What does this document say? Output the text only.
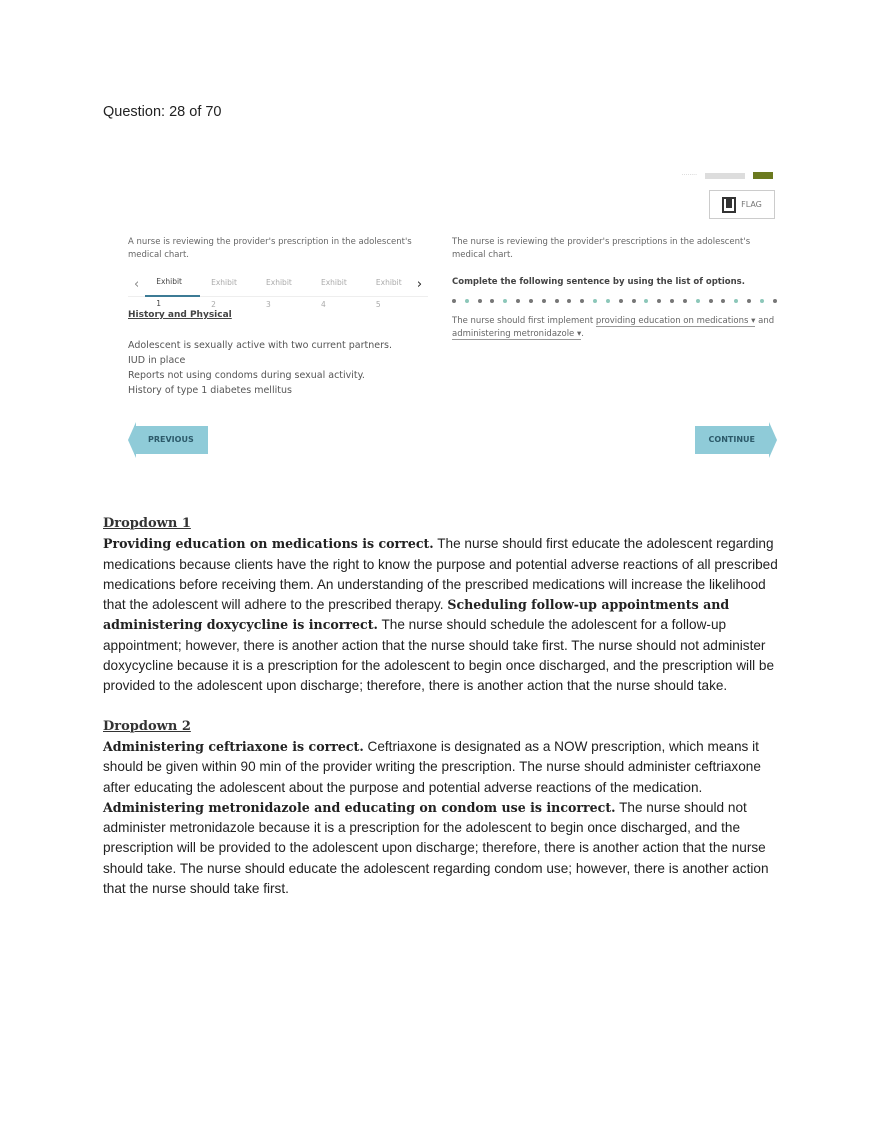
Question: 28 of 70
········
FLAG
A nurse is reviewing the provider's prescription in the adolescent's medical chart.
‹	Exhibit 1
Exhibit 2
Exhibit 3
Exhibit 4
Exhibit 5
›
History and Physical
Adolescent is sexually active with two current partners.
IUD in place
Reports not using condoms during sexual activity.
History of type 1 diabetes mellitus
The nurse is reviewing the provider's prescriptions in the adolescent's medical chart.
Complete the following sentence by using the list of options.
The nurse should first implement providing education on medications ▾ and administering metronidazole ▾.
PREVIOUS	CONTINUE
Dropdown 1

Providing education on medications is correct. The nurse should first educate the adolescent regarding medications because clients have the right to know the purpose and potential adverse reactions of all prescribed medications before receiving them. An understanding of the prescribed medications will increase the likelihood that the adolescent will adhere to the prescribed therapy. Scheduling follow-up appointments and administering doxycycline is incorrect. The nurse should schedule the adolescent for a follow-up appointment; however, there is another action that the nurse should take first. The nurse should not administer doxycycline because it is a prescription for the adolescent to begin once discharged, and the prescription will be provided to the adolescent upon discharge; therefore, there is another action that the nurse should take.

Dropdown 2

Administering ceftriaxone is correct. Ceftriaxone is designated as a NOW prescription, which means it should be given within 90 min of the provider writing the prescription. The nurse should administer ceftriaxone after educating the adolescent about the purpose and potential adverse reactions of the medication.

Administering metronidazole and educating on condom use is incorrect. The nurse should not administer metronidazole because it is a prescription for the adolescent to begin once discharged, and the prescription will be provided to the adolescent upon discharge; therefore, there is another action that the nurse should take. The nurse should educate the adolescent regarding condom use; however, there is another action that the nurse should take first.
